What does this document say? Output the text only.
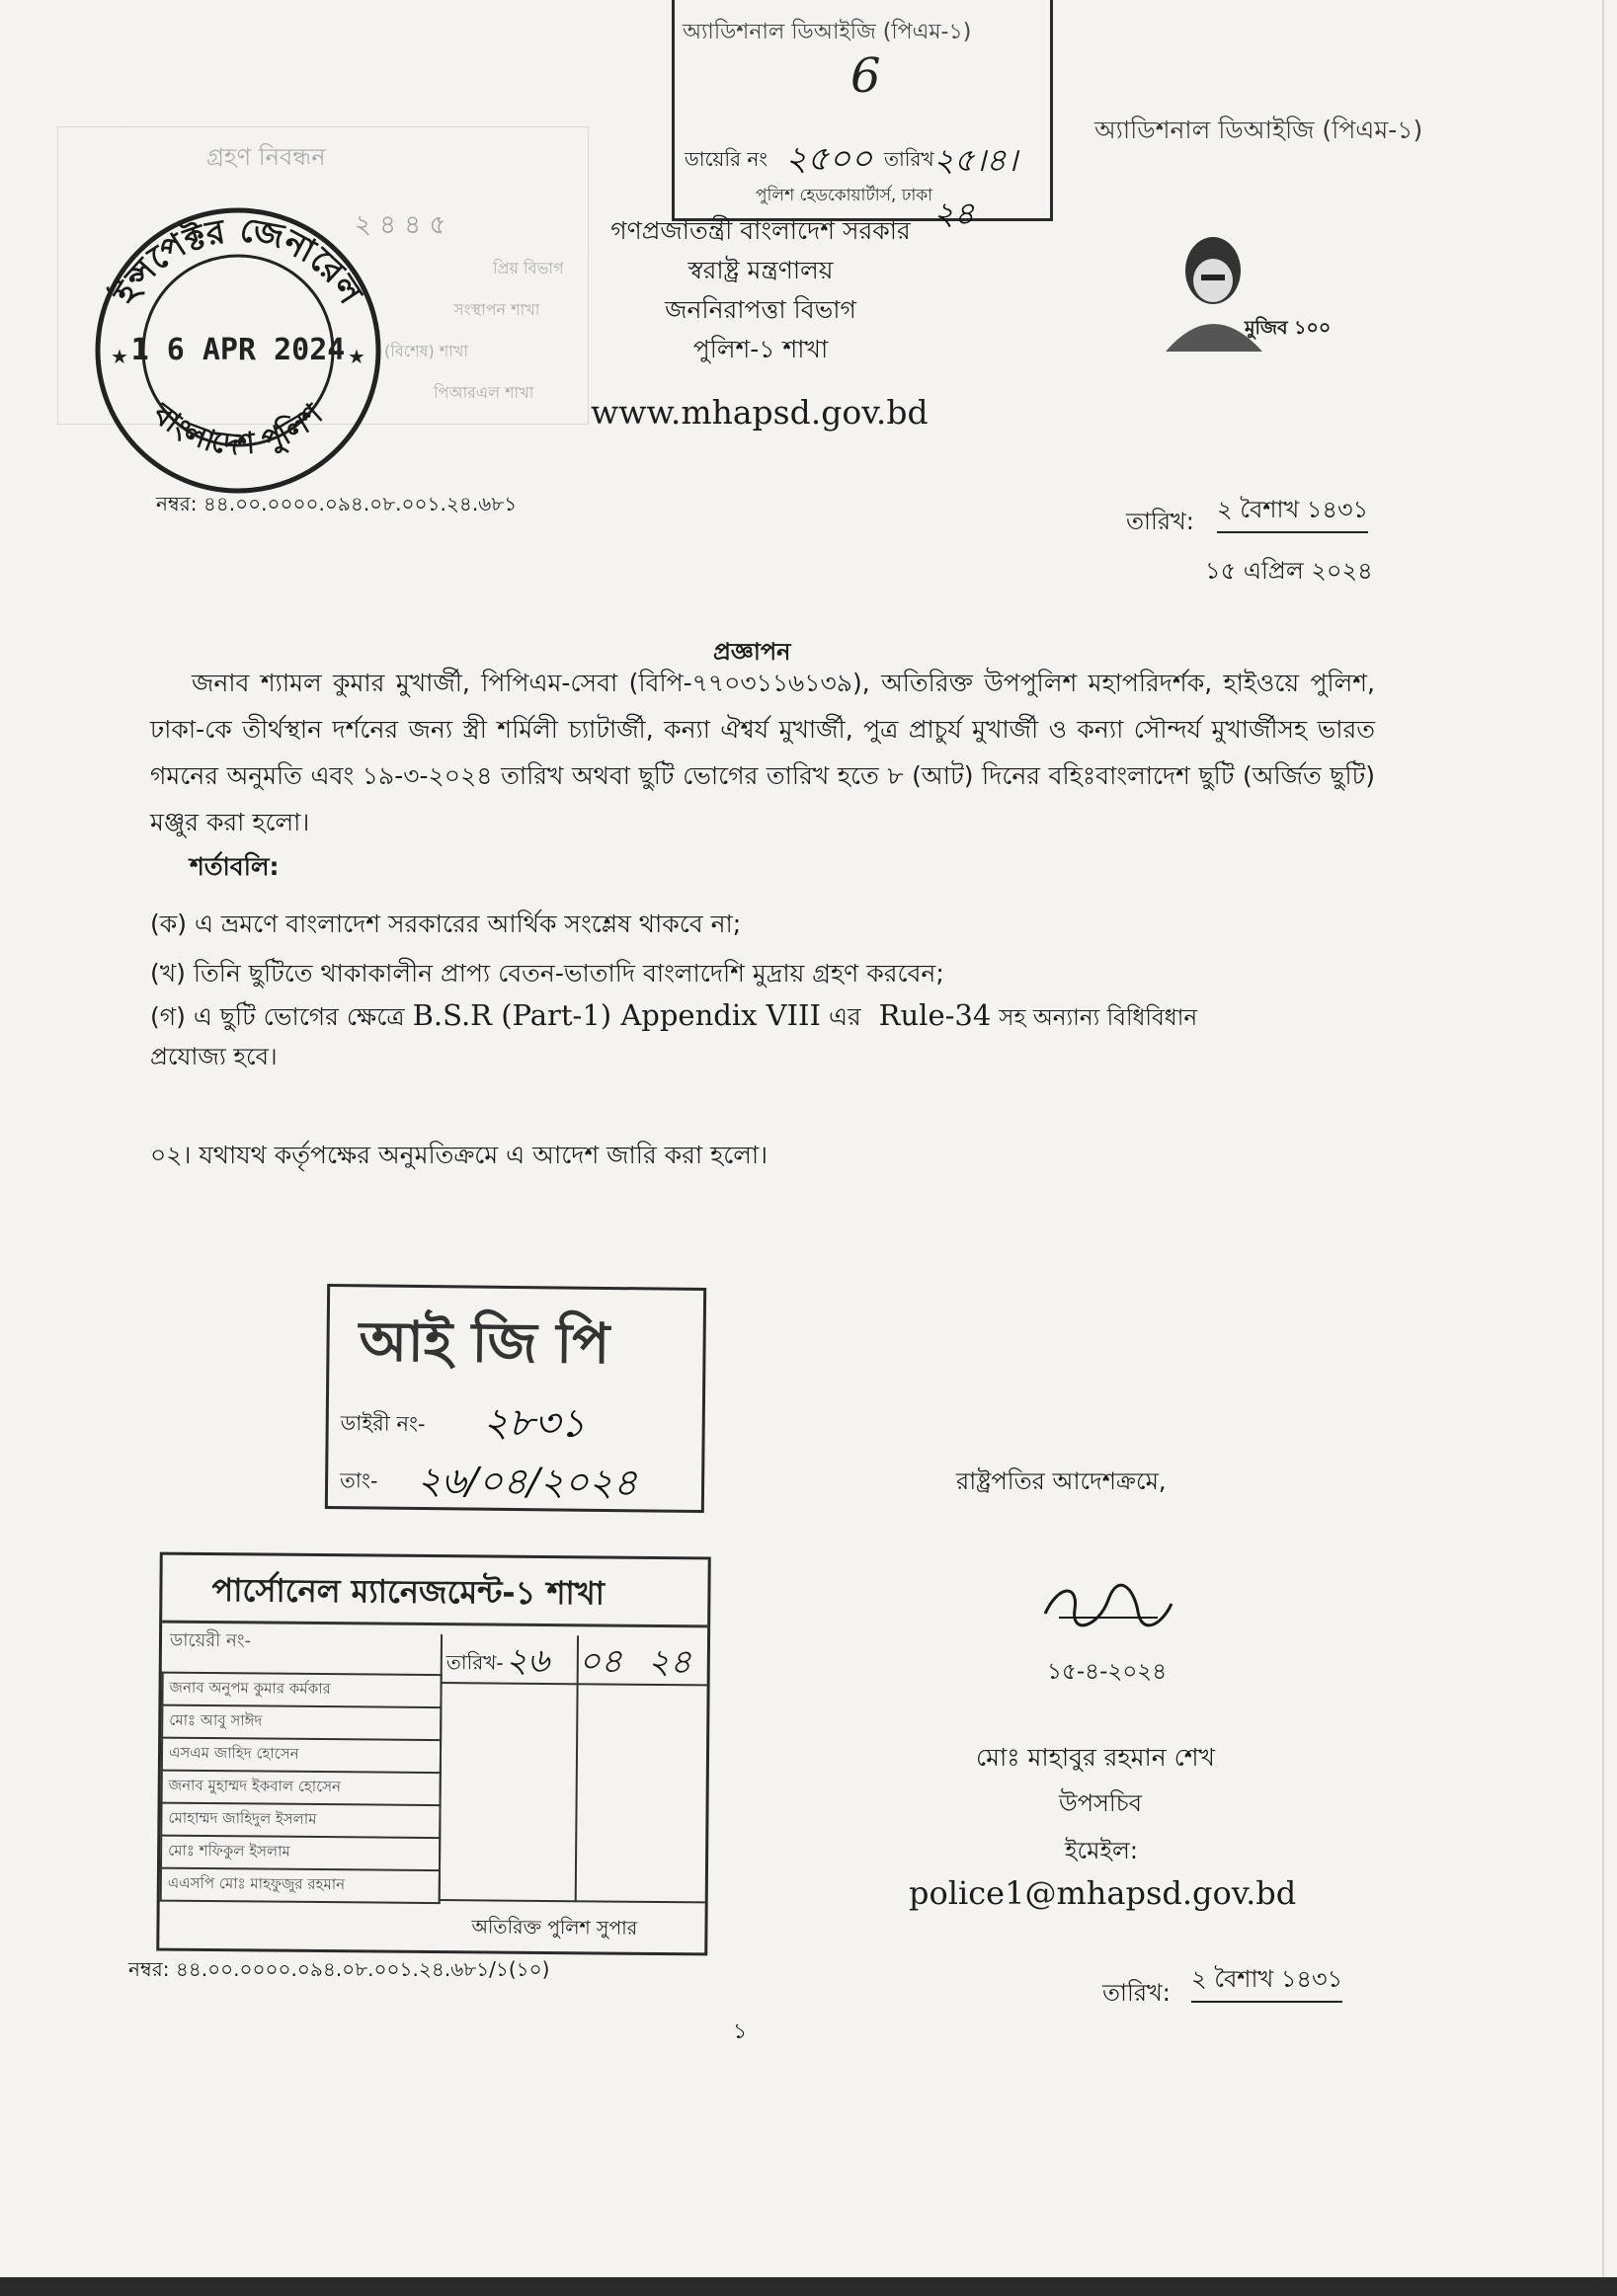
অ্যাডিশনাল ডিআইজি (পিএম-১)
6
ডায়েরি নং ২৫০০ তারিখ ২৫।৪।২৪
পুলিশ হেডকোয়ার্টার্স, ঢাকা
অ্যাডিশনাল ডিআইজি (পিএম-১)
গ্রহণ নিবন্ধন
২ ৪ ৪ ৫
প্রিয় বিভাগ
সংস্থাপন শাখা
(বিশেষ) শাখা
পিআরএল শাখা
ইন্সপেক্টর জেনারেল
বাংলাদেশ পুলিশ
★	★
1 6 APR 2024
গণপ্রজাতন্ত্রী বাংলাদেশ সরকার
স্বরাষ্ট্র মন্ত্রণালয়
জননিরাপত্তা বিভাগ
পুলিশ-১ শাখা
www.mhapsd.gov.bd
মুজিব ১০০
নম্বর: ৪৪.০০.০০০০.০৯৪.০৮.০০১.২৪.৬৮১
তারিখ: ২ বৈশাখ ১৪৩১
১৫ এপ্রিল ২০২৪
প্রজ্ঞাপন
জনাব শ্যামল কুমার মুখার্জী, পিপিএম-সেবা (বিপি-৭৭০৩১১৬১৩৯), অতিরিক্ত উপপুলিশ মহাপরিদর্শক, হাইওয়ে পুলিশ, ঢাকা-কে তীর্থস্থান দর্শনের জন্য স্ত্রী শর্মিলী চ্যাটার্জী, কন্যা ঐশ্বর্য মুখার্জী, পুত্র প্রাচুর্য মুখার্জী ও কন্যা সৌন্দর্য মুখার্জীসহ ভারত গমনের অনুমতি এবং ১৯-৩-২০২৪ তারিখ অথবা ছুটি ভোগের তারিখ হতে ৮ (আট) দিনের বহিঃবাংলাদেশ ছুটি (অর্জিত ছুটি) মঞ্জুর করা হলো।
শর্তাবলি:
(ক) এ ভ্রমণে বাংলাদেশ সরকারের আর্থিক সংশ্লেষ থাকবে না;
(খ) তিনি ছুটিতে থাকাকালীন প্রাপ্য বেতন-ভাতাদি বাংলাদেশি মুদ্রায় গ্রহণ করবেন;
(গ) এ ছুটি ভোগের ক্ষেত্রে B.S.R (Part-1) Appendix VIII এর Rule-34 সহ অন্যান্য বিধিবিধান
প্রযোজ্য হবে।
০২। যথাযথ কর্তৃপক্ষের অনুমতিক্রমে এ আদেশ জারি করা হলো।
আই জি পি
ডাইরী নং- ২৮৩১
তাং- ২৬/০৪/২০২৪
পার্সোনেল ম্যানেজমেন্ট-১ শাখা
ডায়েরী নং-
তারিখ- ২৬ ০৪ ২৪
জনাব অনুপম কুমার কর্মকার
মোঃ আবু সাঈদ
এসএম জাহিদ হোসেন
জনাব মুহাম্মদ ইকবাল হোসেন
মোহাম্মদ জাহিদুল ইসলাম
মোঃ শফিকুল ইসলাম
এএসপি মোঃ মাহফুজুর রহমান
অতিরিক্ত পুলিশ সুপার
রাষ্ট্রপতির আদেশক্রমে,
১৫-৪-২০২৪
মোঃ মাহাবুর রহমান শেখ
উপসচিব
ইমেইল:
police1@mhapsd.gov.bd
নম্বর: ৪৪.০০.০০০০.০৯৪.০৮.০০১.২৪.৬৮১/১(১০)
তারিখ: ২ বৈশাখ ১৪৩১
১
